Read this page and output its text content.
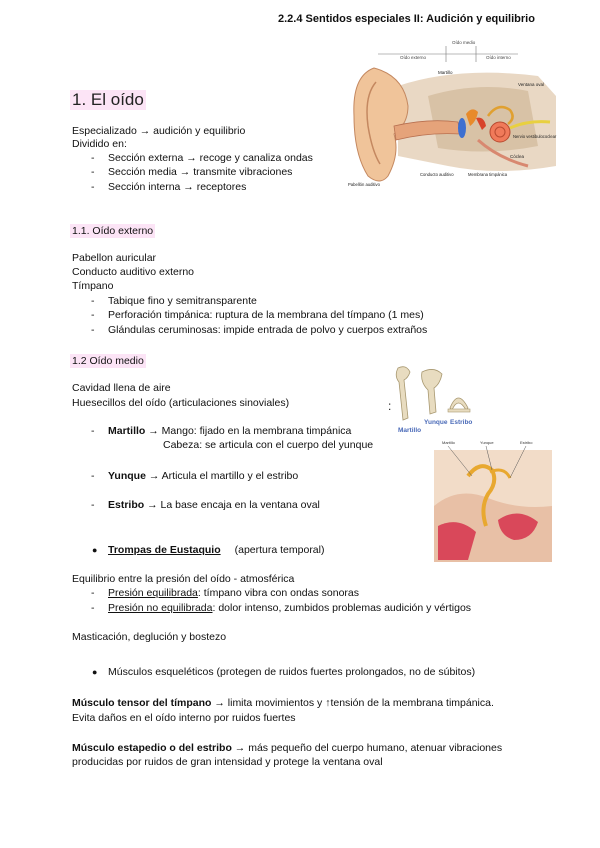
2.2.4 Sentidos especiales II: Audición y equilibrio
1. El oído
Especializado → audición y equilibrio
Dividido en:
- Sección externa → recoge y canaliza ondas
- Sección media → transmite vibraciones
- Sección interna → receptores
Oído externo
Oído medio
Oído interno
Martillo
Ventana oval
Nervio vestibulococlear
Cóclea
Pabellón auditivo
Conducto auditivo	Membrana timpánica
1.1. Oído externo
Pabellon auricular
Conducto auditivo externo
Tímpano
- Tabique fino y semitransparente
- Perforación timpánica: ruptura de la membrana del tímpano (1 mes)
- Glándulas ceruminosas: impide entrada de polvo y cuerpos extraños
1.2 Oído medio
Cavidad llena de aire
Huesecillos del oído (articulaciones sinoviales)
- Martillo → Mango: fijado en la membrana timpánica
Cabeza: se articula con el cuerpo del yunque
- Yunque → Articula el martillo y el estribo
- Estribo → La base encaja en la ventana oval
● Trompas de Eustaquio (apertura temporal)
Equilibrio entre la presión del oído - atmosférica
- Presión equilibrada: tímpano vibra con ondas sonoras
- Presión no equilibrada: dolor intenso, zumbidos problemas audición y vértigos
Masticación, deglución y bostezo
● Músculos esqueléticos (protegen de ruidos fuertes prolongados, no de súbitos)
Músculo tensor del tímpano → limita movimientos y ↑tensión de la membrana timpánica.
Evita daños en el oído interno por ruidos fuertes
Músculo estapedio o del estribo → más pequeño del cuerpo humano, atenuar vibraciones
producidas por ruidos de gran intensidad y protege la ventana oval
:
Martillo
Yunque Estribo
Martillo	Yunque	Estribo
